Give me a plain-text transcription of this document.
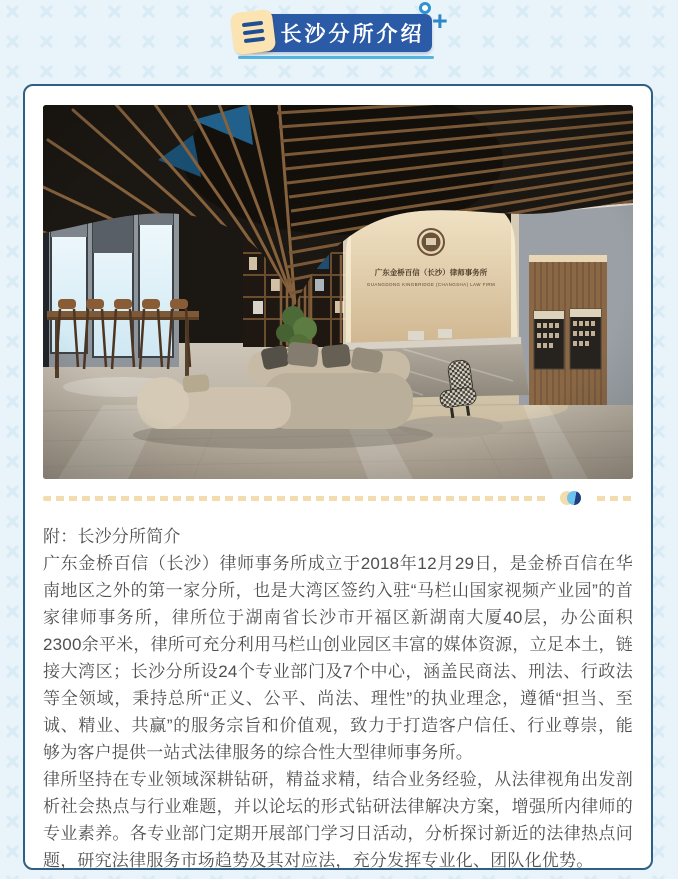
长沙分所介绍 +

附：长沙分所简介

广东金桥百信（长沙）律师事务所成立于2018年12月29日，是金桥百信在华南地区之外的第一家分所，也是大湾区签约入驻“马栏山国家视频产业园”的首家律师事务所，律所位于湖南省长沙市开福区新湖南大厦40层，办公面积2300余平米，律所可充分利用马栏山创业园区丰富的媒体资源，立足本土，链接大湾区；长沙分所设24个专业部门及7个中心，涵盖民商法、刑法、行政法等全领域，秉持总所“正义、公平、尚法、理性”的执业理念，遵循“担当、至诚、精业、共赢”的服务宗旨和价值观，致力于打造客户信任、行业尊崇，能够为客户提供一站式法律服务的综合性大型律师事务所。

律所坚持在专业领域深耕钻研，精益求精，结合业务经验，从法律视角出发剖析社会热点与行业难题，并以论坛的形式钻研法律解决方案，增强所内律师的专业素养。各专业部门定期开展部门学习日活动，分析探讨新近的法律热点问题，研究法律服务市场趋势及其对应法，充分发挥专业化、团队化优势。
